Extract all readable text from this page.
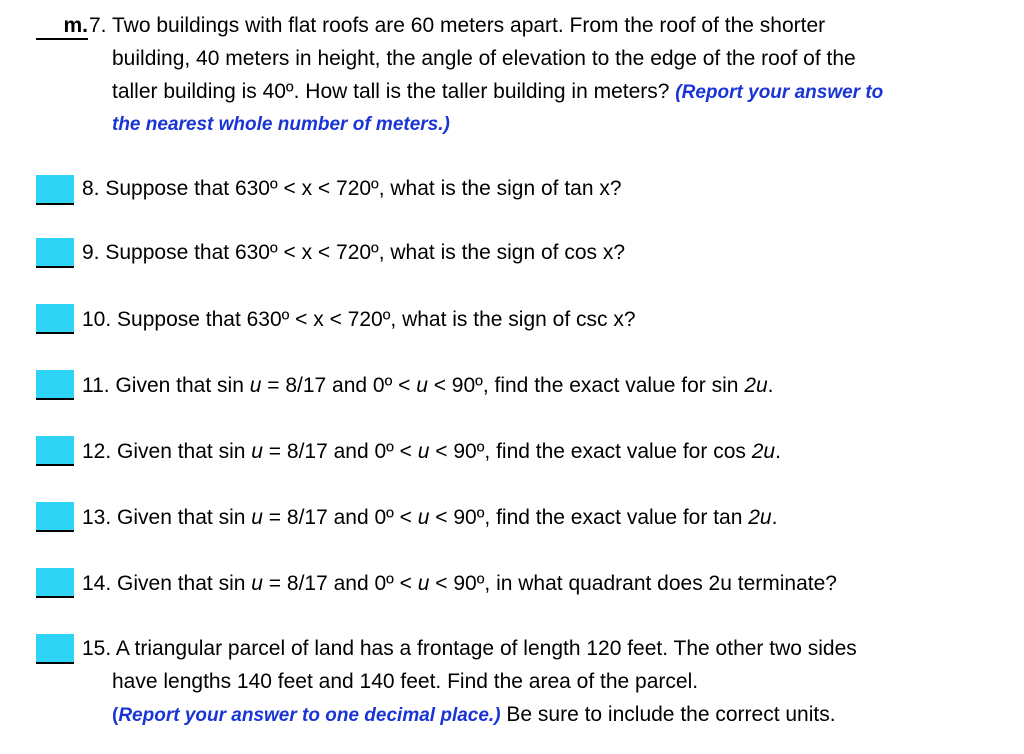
m. 7. Two buildings with flat roofs are 60 meters apart. From the roof of the shorter
building, 40 meters in height, the angle of elevation to the edge of the roof of the
taller building is 40º. How tall is the taller building in meters? (Report your answer to
the nearest whole number of meters.)
8. Suppose that 630º < x < 720º, what is the sign of tan x?
9. Suppose that 630º < x < 720º, what is the sign of cos x?
10. Suppose that 630º < x < 720º, what is the sign of csc x?
11. Given that sin u = 8/17 and 0º < u < 90º, find the exact value for sin 2u.
12. Given that sin u = 8/17 and 0º < u < 90º, find the exact value for cos 2u.
13. Given that sin u = 8/17 and 0º < u < 90º, find the exact value for tan 2u.
14. Given that sin u = 8/17 and 0º < u < 90º, in what quadrant does 2u terminate?
15. A triangular parcel of land has a frontage of length 120 feet. The other two sides
have lengths 140 feet and 140 feet. Find the area of the parcel.
(Report your answer to one decimal place.) Be sure to include the correct units.
